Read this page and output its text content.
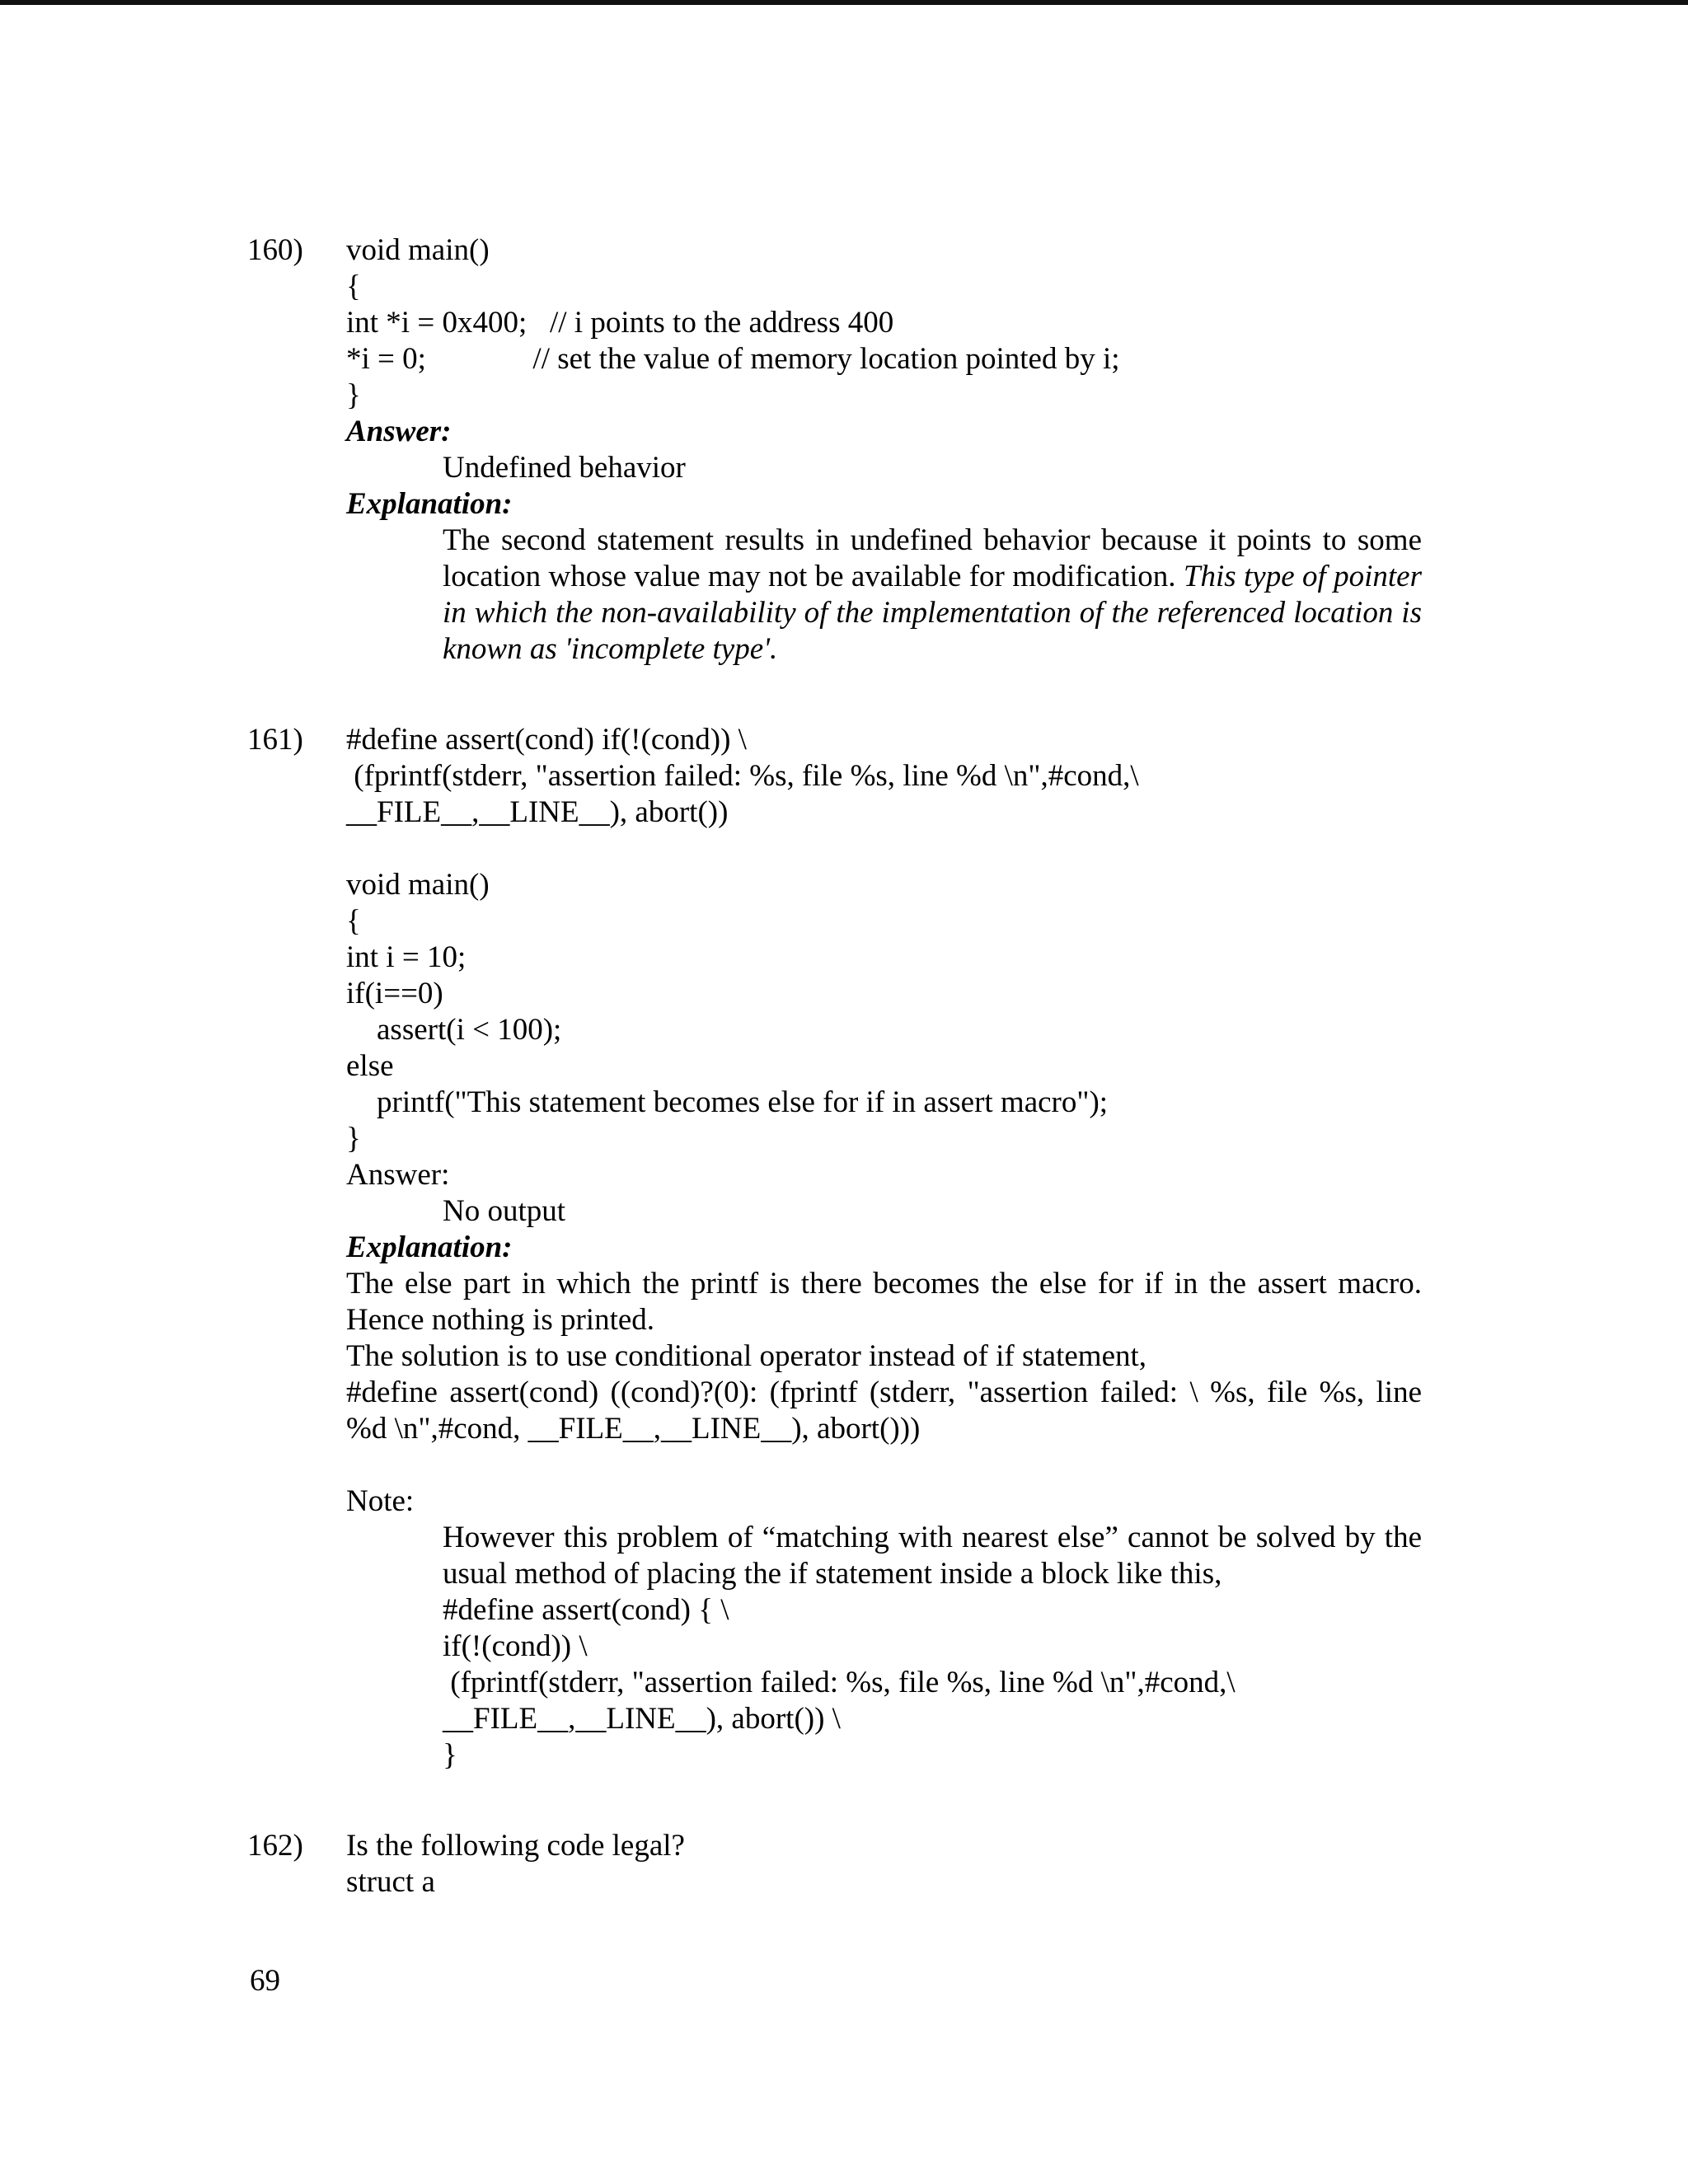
160)	void main()
{
int *i = 0x400;   // i points to the address 400
*i = 0;              // set the value of memory location pointed by i;
}
Answer:
Undefined behavior
Explanation:
The second statement results in undefined behavior because it points to some location whose value may not be available for modification. This type of pointer in which the non-availability of the implementation of the referenced location is known as 'incomplete type'.
161)	#define assert(cond) if(!(cond)) \
(fprintf(stderr, "assertion failed: %s, file %s, line %d \n",#cond,\
__FILE__,__LINE__), abort())
void main()
{
int i = 10;
if(i==0)
assert(i < 100);
else
printf("This statement becomes else for if in assert macro");
}
Answer:
No output
Explanation:
The else part in which the printf is there becomes the else for if in the assert macro. Hence nothing is printed.
The solution is to use conditional operator instead of if statement,
#define assert(cond) ((cond)?(0): (fprintf (stderr, "assertion failed: \ %s, file %s, line %d \n",#cond, __FILE__,__LINE__), abort()))
Note:
However this problem of “matching with nearest else” cannot be solved by the usual method of placing the if statement inside a block like this,
#define assert(cond) { \
if(!(cond)) \
(fprintf(stderr, "assertion failed: %s, file %s, line %d \n",#cond,\
__FILE__,__LINE__), abort()) \
}
162)	Is the following code legal?
struct a
69
